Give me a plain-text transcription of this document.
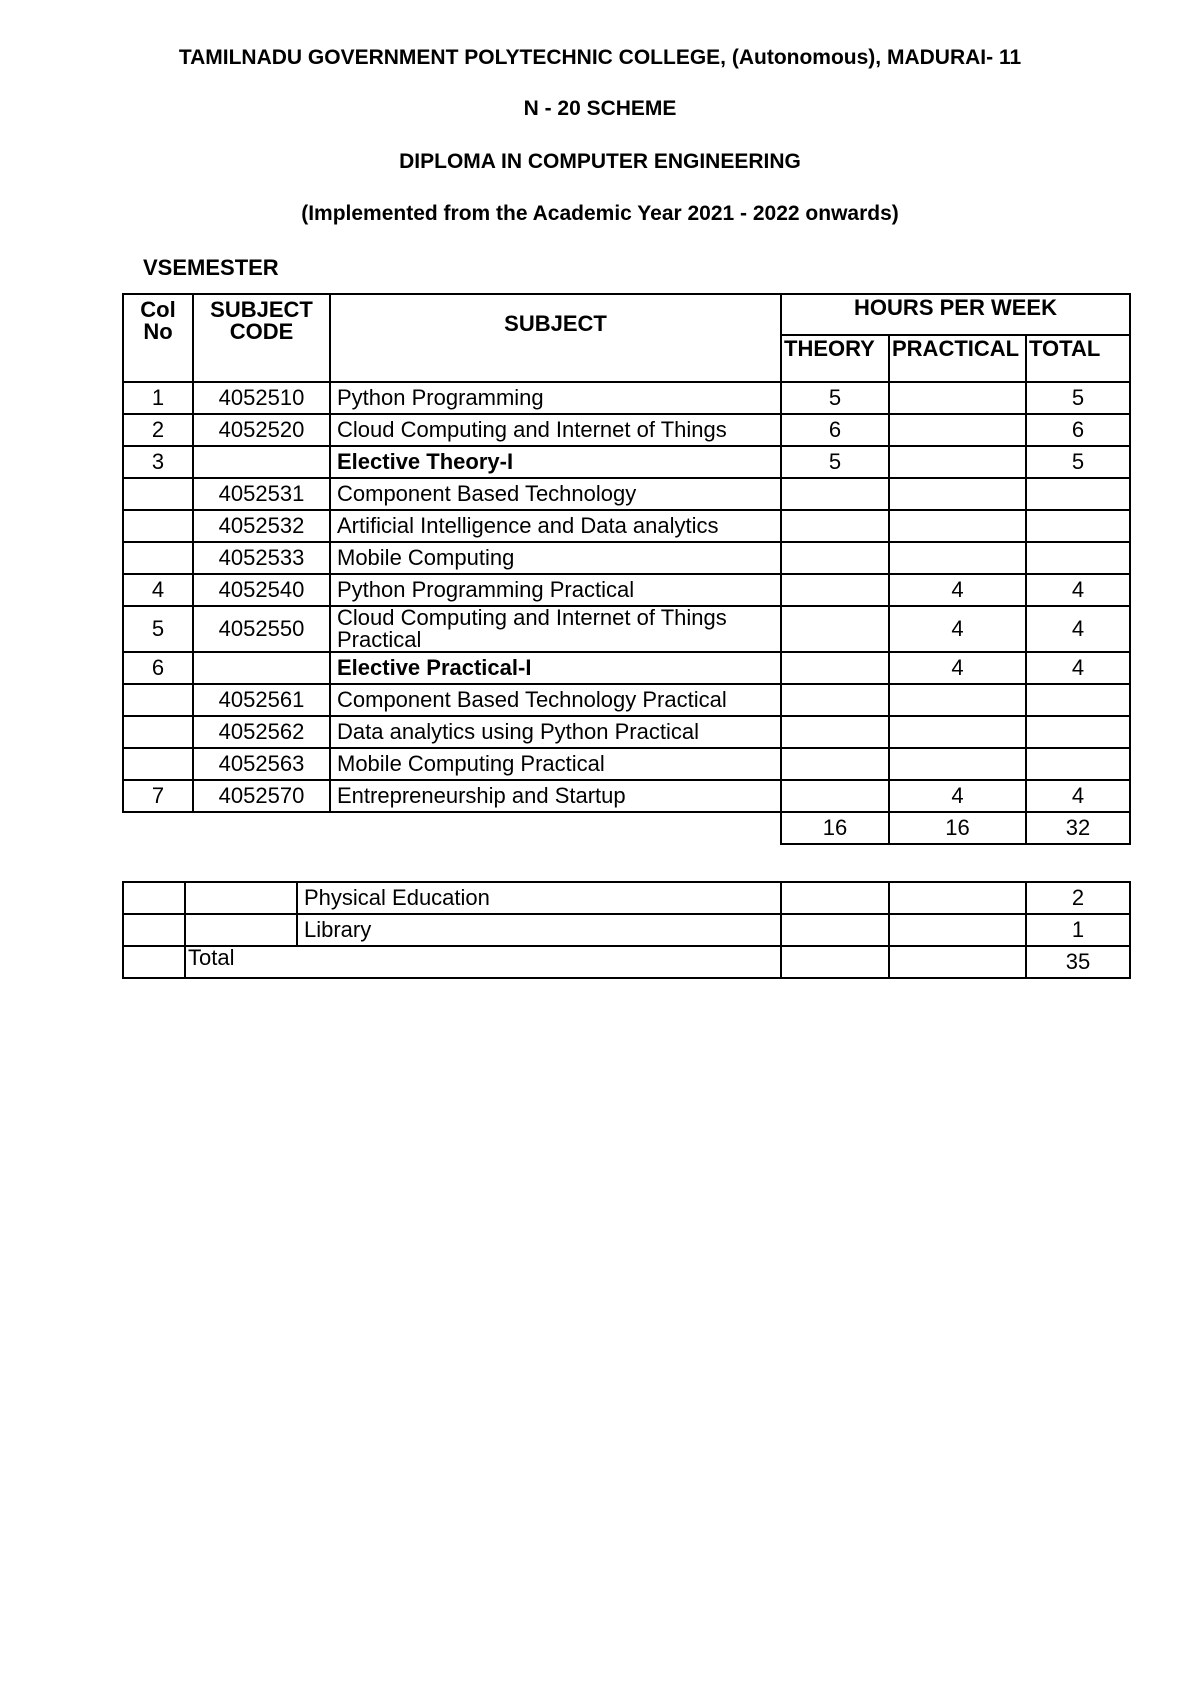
TAMILNADU GOVERNMENT POLYTECHNIC COLLEGE, (Autonomous), MADURAI- 11
N - 20 SCHEME
DIPLOMA IN COMPUTER ENGINEERING
(Implemented from the Academic Year 2021 - 2022 onwards)
VSEMESTER
Col No	SUBJECT CODE	SUBJECT	HOURS PER WEEK		
			THEORY	PRACTICAL	TOTAL
1	4052510	Python Programming	5		5
2	4052520	Cloud Computing and Internet of Things	6		6
3		Elective Theory-I	5		5
	4052531	Component Based Technology			
	4052532	Artificial Intelligence and Data analytics			
	4052533	Mobile Computing			
4	4052540	Python Programming Practical		4	4
5	4052550	Cloud Computing and Internet of Things Practical		4	4
6		Elective Practical-I		4	4
	4052561	Component Based Technology Practical			
	4052562	Data analytics using Python Practical			
	4052563	Mobile Computing Practical			
7	4052570	Entrepreneurship and Startup		4	4
			16	16	32
		Physical Education			2
		Library			1
	Total				35
